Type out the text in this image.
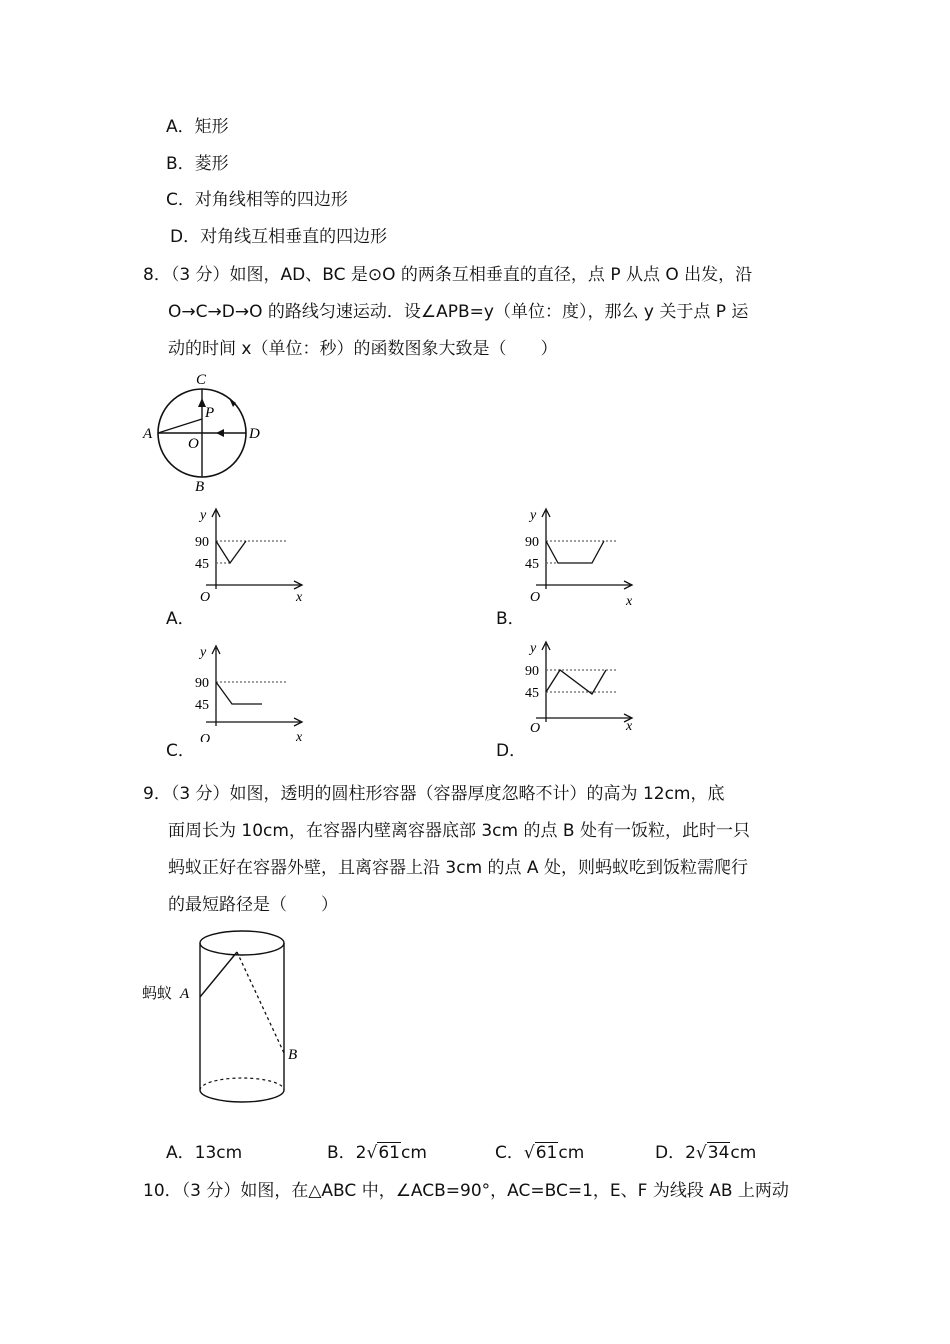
A．矩形
B．菱形
C．对角线相等的四边形
D．对角线互相垂直的四边形
8．（3 分）如图，AD、BC 是⊙O 的两条互相垂直的直径，点 P 从点 O 出发，沿
O→C→D→O 的路线匀速运动．设∠APB=y（单位：度），那么 y 关于点 P 运
动的时间 x（单位：秒）的函数图象大致是（　　）
C
P
A
O
D
B
y
90
45
O	x
A．
y
90
45
O	x
B．
y
90
45
O	x
C．
y
90
45
O	x
D．
9．（3 分）如图，透明的圆柱形容器（容器厚度忽略不计）的高为 12cm，底
面周长为 10cm，在容器内壁离容器底部 3cm 的点 B 处有一饭粒，此时一只
蚂蚁正好在容器外壁，且离容器上沿 3cm 的点 A 处，则蚂蚁吃到饭粒需爬行
的最短路径是（　　）
蚂蚁 A
B
A．13cm	B．2√61cm	C．√61cm	D．2√34cm
10．（3 分）如图，在△ABC 中，∠ACB=90°，AC=BC=1，E、F 为线段 AB 上两动
